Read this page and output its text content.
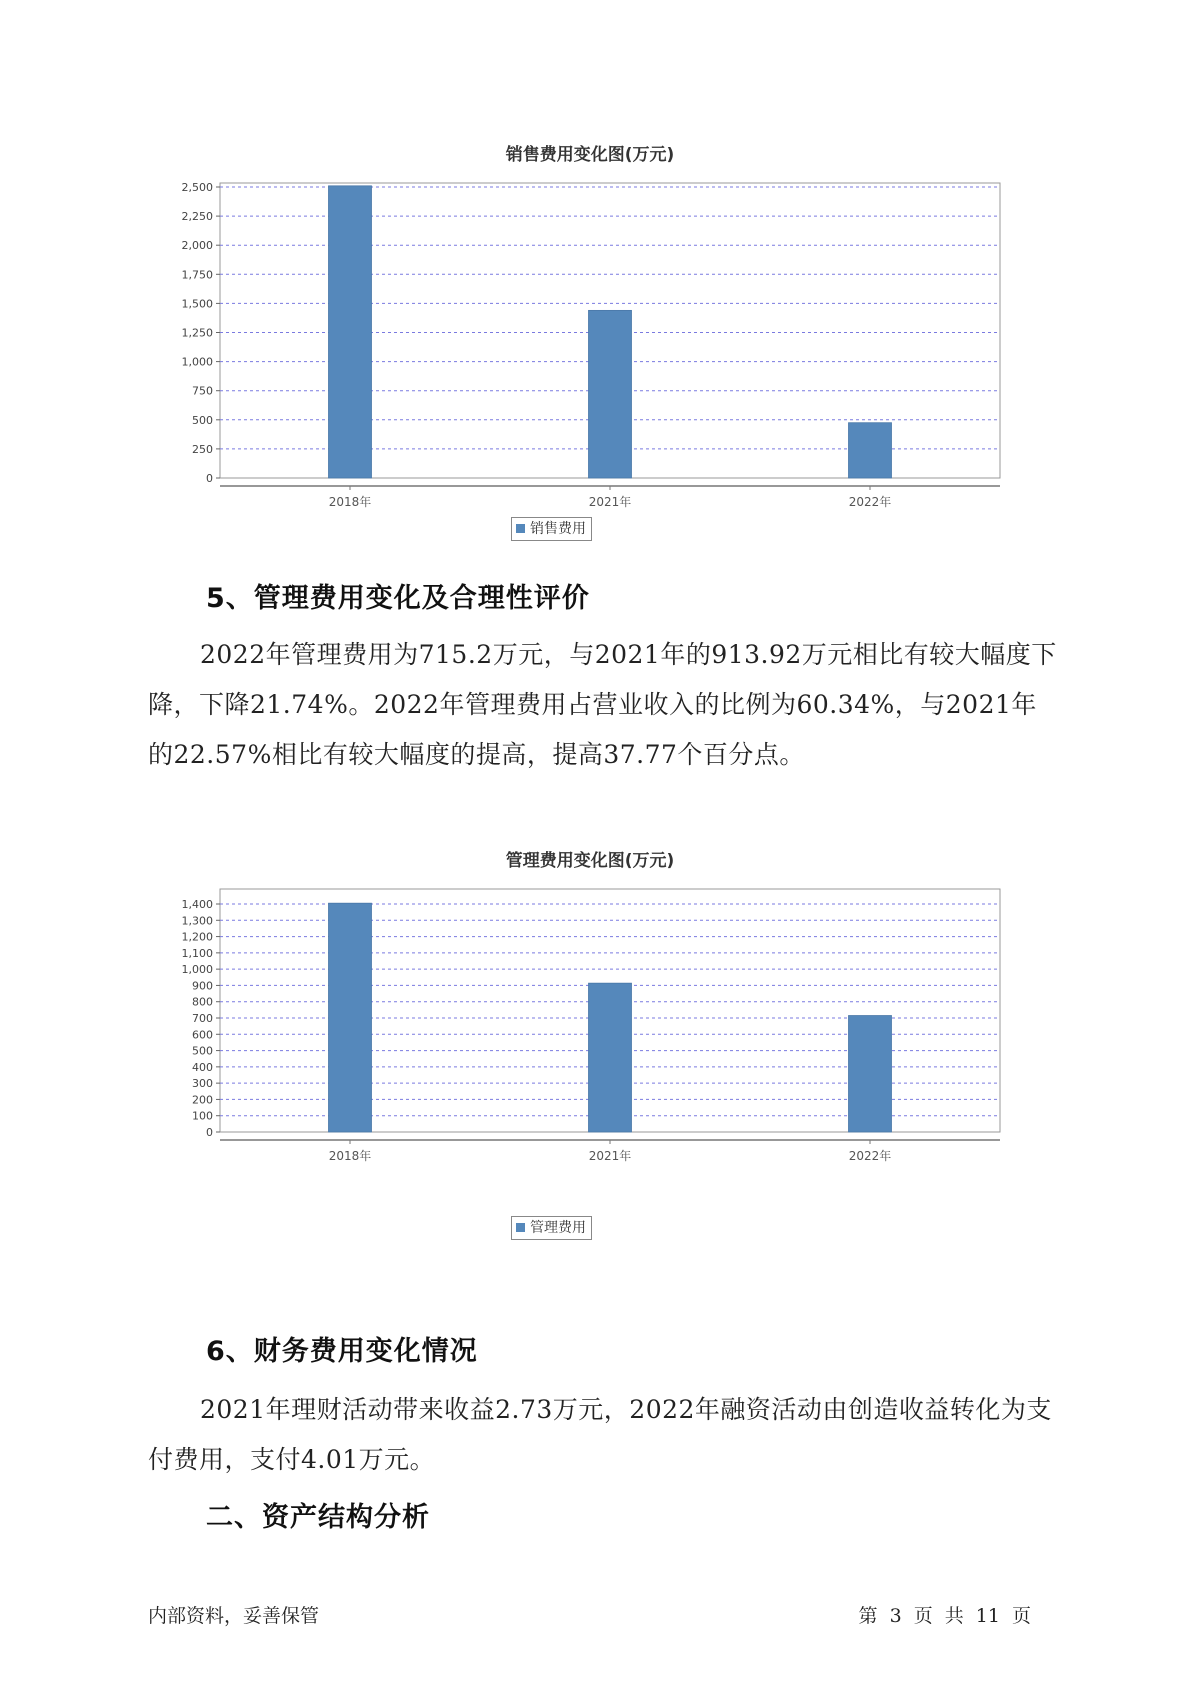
销售费用变化图(万元)
0
250
500
750
1,000
1,250
1,500
1,750
2,000
2,250
2,500
2018年	2021年	2022年
销售费用
5、管理费用变化及合理性评价

2022年管理费用为715.2万元，与2021年的913.92万元相比有较大幅度下降，下降21.74%。2022年管理费用占营业收入的比例为60.34%，与2021年的22.57%相比有较大幅度的提高，提高37.77个百分点。

管理费用变化图(万元)
0
100
200
300
400
500
600
700
800
900
1,000
1,100
1,200
1,300
1,400
2018年	2021年	2022年
管理费用
6、财务费用变化情况

2021年理财活动带来收益2.73万元，2022年融资活动由创造收益转化为支付费用，支付4.01万元。

二、资产结构分析
内部资料，妥善保管	第 3 页 共 11 页
